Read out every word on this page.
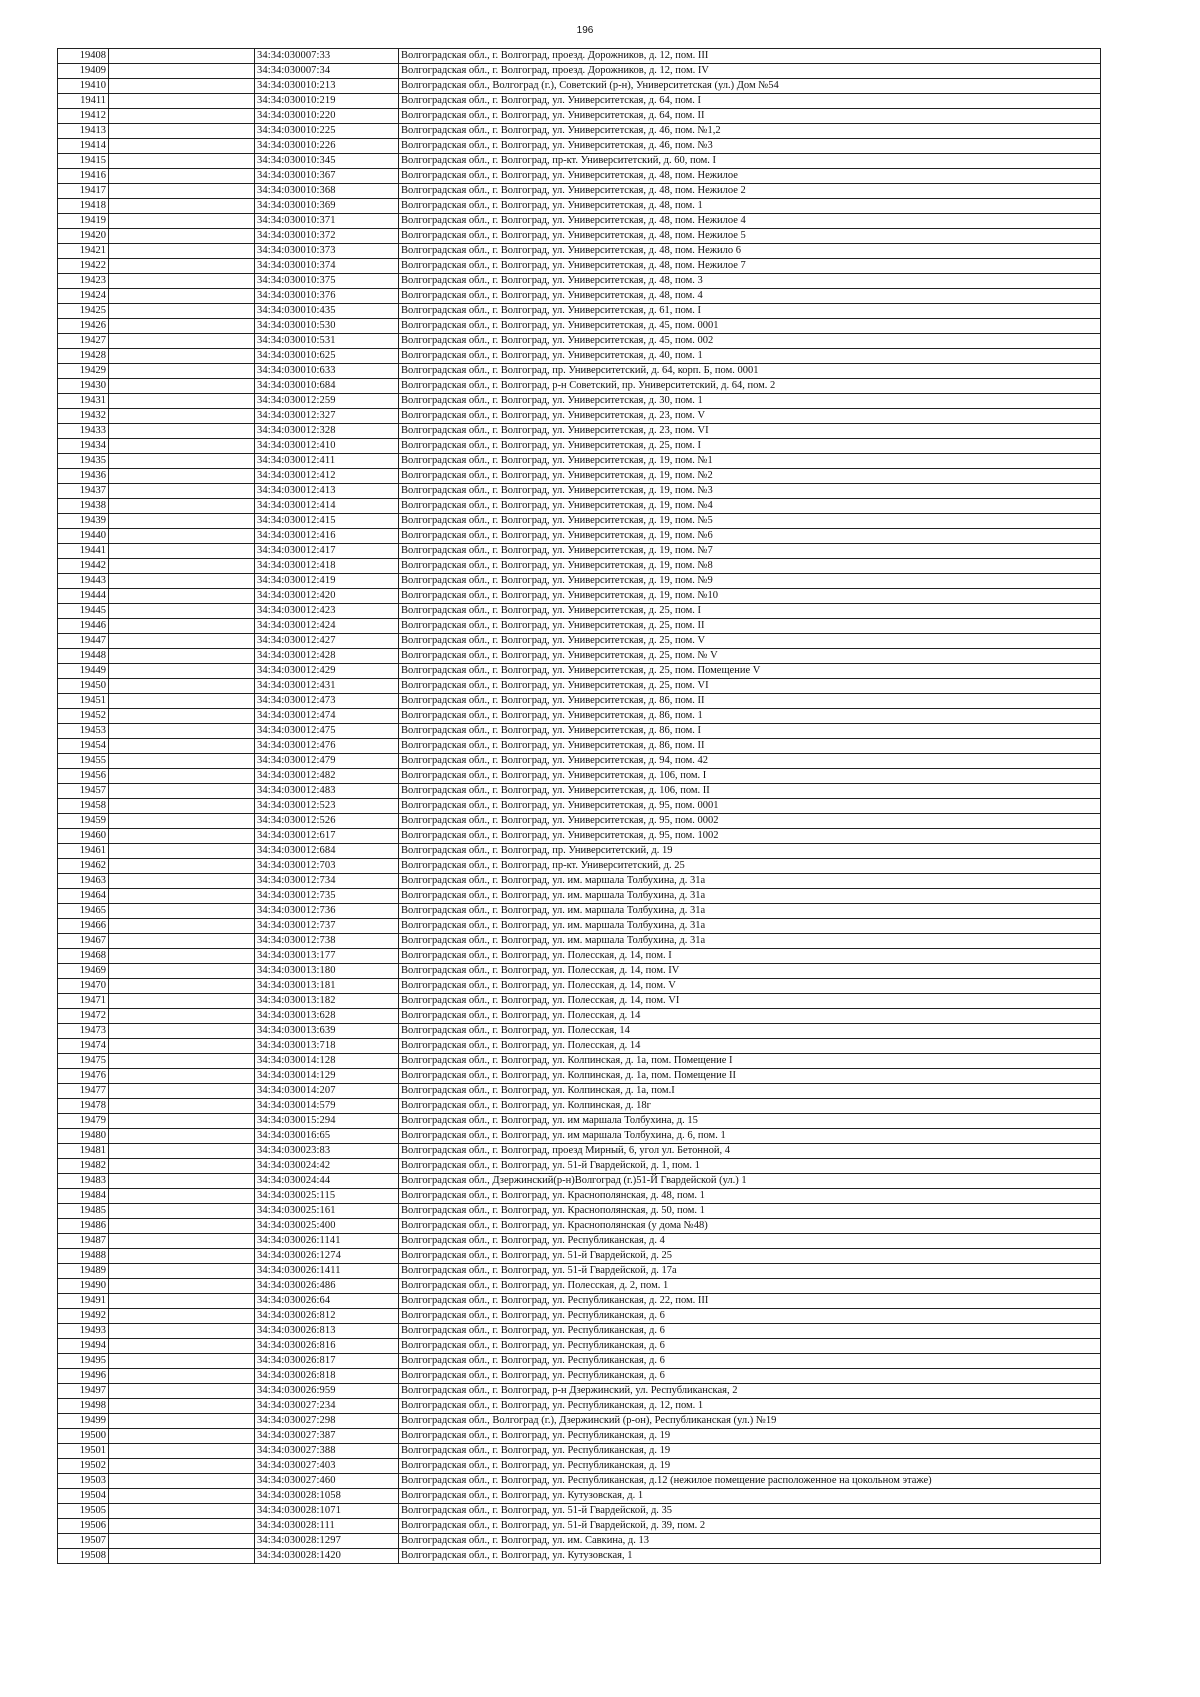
196
19408		34:34:030007:33	Волгоградская обл., г. Волгоград, проезд. Дорожников, д. 12, пом. III
19409		34:34:030007:34	Волгоградская обл., г. Волгоград, проезд. Дорожников, д. 12, пом. IV
19410		34:34:030010:213	Волгоградская обл., Волгоград (г.), Советский (р-н), Университетская (ул.) Дом №54
19411		34:34:030010:219	Волгоградская обл., г. Волгоград, ул. Университетская, д. 64, пом. I
19412		34:34:030010:220	Волгоградская обл., г. Волгоград, ул. Университетская, д. 64, пом. II
19413		34:34:030010:225	Волгоградская обл., г. Волгоград, ул. Университетская, д. 46, пом. №1,2
19414		34:34:030010:226	Волгоградская обл., г. Волгоград, ул. Университетская, д. 46, пом. №3
19415		34:34:030010:345	Волгоградская обл., г. Волгоград, пр-кт. Университетский, д. 60, пом. I
19416		34:34:030010:367	Волгоградская обл., г. Волгоград, ул. Университетская, д. 48, пом. Нежилое
19417		34:34:030010:368	Волгоградская обл., г. Волгоград, ул. Университетская, д. 48, пом. Нежилое 2
19418		34:34:030010:369	Волгоградская обл., г. Волгоград, ул. Университетская, д. 48, пом. 1
19419		34:34:030010:371	Волгоградская обл., г. Волгоград, ул. Университетская, д. 48, пом. Нежилое 4
19420		34:34:030010:372	Волгоградская обл., г. Волгоград, ул. Университетская, д. 48, пом. Нежилое 5
19421		34:34:030010:373	Волгоградская обл., г. Волгоград, ул. Университетская, д. 48, пом. Нежило 6
19422		34:34:030010:374	Волгоградская обл., г. Волгоград, ул. Университетская, д. 48, пом. Нежилое 7
19423		34:34:030010:375	Волгоградская обл., г. Волгоград, ул. Университетская, д. 48, пом. 3
19424		34:34:030010:376	Волгоградская обл., г. Волгоград, ул. Университетская, д. 48, пом. 4
19425		34:34:030010:435	Волгоградская обл., г. Волгоград, ул. Университетская, д. 61, пом. I
19426		34:34:030010:530	Волгоградская обл., г. Волгоград, ул. Университетская, д. 45, пом. 0001
19427		34:34:030010:531	Волгоградская обл., г. Волгоград, ул. Университетская, д. 45, пом. 002
19428		34:34:030010:625	Волгоградская обл., г. Волгоград, ул. Университетская, д. 40, пом. 1
19429		34:34:030010:633	Волгоградская обл., г. Волгоград, пр. Университетский, д. 64, корп. Б, пом. 0001
19430		34:34:030010:684	Волгоградская обл., г. Волгоград, р-н Советский, пр. Университетский, д. 64, пом. 2
19431		34:34:030012:259	Волгоградская обл., г. Волгоград, ул. Университетская, д. 30, пом. 1
19432		34:34:030012:327	Волгоградская обл., г. Волгоград, ул. Университетская, д. 23, пом. V
19433		34:34:030012:328	Волгоградская обл., г. Волгоград, ул. Университетская, д. 23, пом. VI
19434		34:34:030012:410	Волгоградская обл., г. Волгоград, ул. Университетская, д. 25, пом. I
19435		34:34:030012:411	Волгоградская обл., г. Волгоград, ул. Университетская, д. 19, пом. №1
19436		34:34:030012:412	Волгоградская обл., г. Волгоград, ул. Университетская, д. 19, пом. №2
19437		34:34:030012:413	Волгоградская обл., г. Волгоград, ул. Университетская, д. 19, пом. №3
19438		34:34:030012:414	Волгоградская обл., г. Волгоград, ул. Университетская, д. 19, пом. №4
19439		34:34:030012:415	Волгоградская обл., г. Волгоград, ул. Университетская, д. 19, пом. №5
19440		34:34:030012:416	Волгоградская обл., г. Волгоград, ул. Университетская, д. 19, пом. №6
19441		34:34:030012:417	Волгоградская обл., г. Волгоград, ул. Университетская, д. 19, пом. №7
19442		34:34:030012:418	Волгоградская обл., г. Волгоград, ул. Университетская, д. 19, пом. №8
19443		34:34:030012:419	Волгоградская обл., г. Волгоград, ул. Университетская, д. 19, пом. №9
19444		34:34:030012:420	Волгоградская обл., г. Волгоград, ул. Университетская, д. 19, пом. №10
19445		34:34:030012:423	Волгоградская обл., г. Волгоград, ул. Университетская, д. 25, пом. I
19446		34:34:030012:424	Волгоградская обл., г. Волгоград, ул. Университетская, д. 25, пом. II
19447		34:34:030012:427	Волгоградская обл., г. Волгоград, ул. Университетская, д. 25, пом. V
19448		34:34:030012:428	Волгоградская обл., г. Волгоград, ул. Университетская, д. 25, пом. № V
19449		34:34:030012:429	Волгоградская обл., г. Волгоград, ул. Университетская, д. 25, пом. Помещение V
19450		34:34:030012:431	Волгоградская обл., г. Волгоград, ул. Университетская, д. 25, пом. VI
19451		34:34:030012:473	Волгоградская обл., г. Волгоград, ул. Университетская, д. 86, пом. II
19452		34:34:030012:474	Волгоградская обл., г. Волгоград, ул. Университетская, д. 86, пом. 1
19453		34:34:030012:475	Волгоградская обл., г. Волгоград, ул. Университетская, д. 86, пом. I
19454		34:34:030012:476	Волгоградская обл., г. Волгоград, ул. Университетская, д. 86, пом. II
19455		34:34:030012:479	Волгоградская обл., г. Волгоград, ул. Университетская, д. 94, пом. 42
19456		34:34:030012:482	Волгоградская обл., г. Волгоград, ул. Университетская, д. 106, пом. I
19457		34:34:030012:483	Волгоградская обл., г. Волгоград, ул. Университетская, д. 106, пом. II
19458		34:34:030012:523	Волгоградская обл., г. Волгоград, ул. Университетская, д. 95, пом. 0001
19459		34:34:030012:526	Волгоградская обл., г. Волгоград, ул. Университетская, д. 95, пом. 0002
19460		34:34:030012:617	Волгоградская обл., г. Волгоград, ул. Университетская, д. 95, пом. 1002
19461		34:34:030012:684	Волгоградская обл., г. Волгоград, пр. Университетский, д. 19
19462		34:34:030012:703	Волгоградская обл., г. Волгоград, пр-кт. Университетский, д. 25
19463		34:34:030012:734	Волгоградская обл., г. Волгоград, ул. им. маршала Толбухина, д. 31а
19464		34:34:030012:735	Волгоградская обл., г. Волгоград, ул. им. маршала Толбухина, д. 31а
19465		34:34:030012:736	Волгоградская обл., г. Волгоград, ул. им. маршала Толбухина, д. 31а
19466		34:34:030012:737	Волгоградская обл., г. Волгоград, ул. им. маршала Толбухина, д. 31а
19467		34:34:030012:738	Волгоградская обл., г. Волгоград, ул. им. маршала Толбухина, д. 31а
19468		34:34:030013:177	Волгоградская обл., г. Волгоград, ул. Полесская, д. 14, пом. I
19469		34:34:030013:180	Волгоградская обл., г. Волгоград, ул. Полесская, д. 14, пом. IV
19470		34:34:030013:181	Волгоградская обл., г. Волгоград, ул. Полесская, д. 14, пом. V
19471		34:34:030013:182	Волгоградская обл., г. Волгоград, ул. Полесская, д. 14, пом. VI
19472		34:34:030013:628	Волгоградская обл., г. Волгоград, ул. Полесская, д. 14
19473		34:34:030013:639	Волгоградская обл., г. Волгоград, ул. Полесская, 14
19474		34:34:030013:718	Волгоградская обл., г. Волгоград, ул. Полесская, д. 14
19475		34:34:030014:128	Волгоградская обл., г. Волгоград, ул. Колпинская, д. 1а, пом. Помещение I
19476		34:34:030014:129	Волгоградская обл., г. Волгоград, ул. Колпинская, д. 1а, пом. Помещение II
19477		34:34:030014:207	Волгоградская обл., г. Волгоград, ул. Колпинская, д. 1а, пом.I
19478		34:34:030014:579	Волгоградская обл., г. Волгоград, ул. Колпинская, д. 18г
19479		34:34:030015:294	Волгоградская обл., г. Волгоград, ул. им маршала Толбухина, д. 15
19480		34:34:030016:65	Волгоградская обл., г. Волгоград, ул. им маршала Толбухина, д. 6, пом. 1
19481		34:34:030023:83	Волгоградская обл., г. Волгоград, проезд Мирный, 6, угол ул. Бетонной, 4
19482		34:34:030024:42	Волгоградская обл., г. Волгоград, ул. 51-й Гвардейской, д. 1, пом. 1
19483		34:34:030024:44	Волгоградская обл., Дзержинский(р-н)Волгоград (г.)51-Й Гвардейской (ул.) 1
19484		34:34:030025:115	Волгоградская обл., г. Волгоград, ул. Краснополянская, д. 48, пом. 1
19485		34:34:030025:161	Волгоградская обл., г. Волгоград, ул. Краснополянская, д. 50, пом. 1
19486		34:34:030025:400	Волгоградская обл., г. Волгоград, ул. Краснополянская (у дома №48)
19487		34:34:030026:1141	Волгоградская обл., г. Волгоград, ул. Республиканская, д. 4
19488		34:34:030026:1274	Волгоградская обл., г. Волгоград, ул. 51-й Гвардейской, д. 25
19489		34:34:030026:1411	Волгоградская обл., г. Волгоград, ул. 51-й Гвардейской, д. 17а
19490		34:34:030026:486	Волгоградская обл., г. Волгоград, ул. Полесская, д. 2, пом. 1
19491		34:34:030026:64	Волгоградская обл., г. Волгоград, ул. Республиканская, д. 22, пом. III
19492		34:34:030026:812	Волгоградская обл., г. Волгоград, ул. Республиканская, д. 6
19493		34:34:030026:813	Волгоградская обл., г. Волгоград, ул. Республиканская, д. 6
19494		34:34:030026:816	Волгоградская обл., г. Волгоград, ул. Республиканская, д. 6
19495		34:34:030026:817	Волгоградская обл., г. Волгоград, ул. Республиканская, д. 6
19496		34:34:030026:818	Волгоградская обл., г. Волгоград, ул. Республиканская, д. 6
19497		34:34:030026:959	Волгоградская обл., г. Волгоград, р-н Дзержинский, ул. Республиканская, 2
19498		34:34:030027:234	Волгоградская обл., г. Волгоград, ул. Республиканская, д. 12, пом. 1
19499		34:34:030027:298	Волгоградская обл., Волгоград (г.), Дзержинский (р-он), Республиканская (ул.) №19
19500		34:34:030027:387	Волгоградская обл., г. Волгоград, ул. Республиканская, д. 19
19501		34:34:030027:388	Волгоградская обл., г. Волгоград, ул. Республиканская, д. 19
19502		34:34:030027:403	Волгоградская обл., г. Волгоград, ул. Республиканская, д. 19
19503		34:34:030027:460	Волгоградская обл., г. Волгоград, ул. Республиканская, д.12 (нежилое помещение расположенное на цокольном этаже)
19504		34:34:030028:1058	Волгоградская обл., г. Волгоград, ул. Кутузовская, д. 1
19505		34:34:030028:1071	Волгоградская обл., г. Волгоград, ул. 51-й Гвардейской, д. 35
19506		34:34:030028:111	Волгоградская обл., г. Волгоград, ул. 51-й Гвардейской, д. 39, пом. 2
19507		34:34:030028:1297	Волгоградская обл., г. Волгоград, ул. им. Савкина, д. 13
19508		34:34:030028:1420	Волгоградская обл., г. Волгоград, ул. Кутузовская, 1
